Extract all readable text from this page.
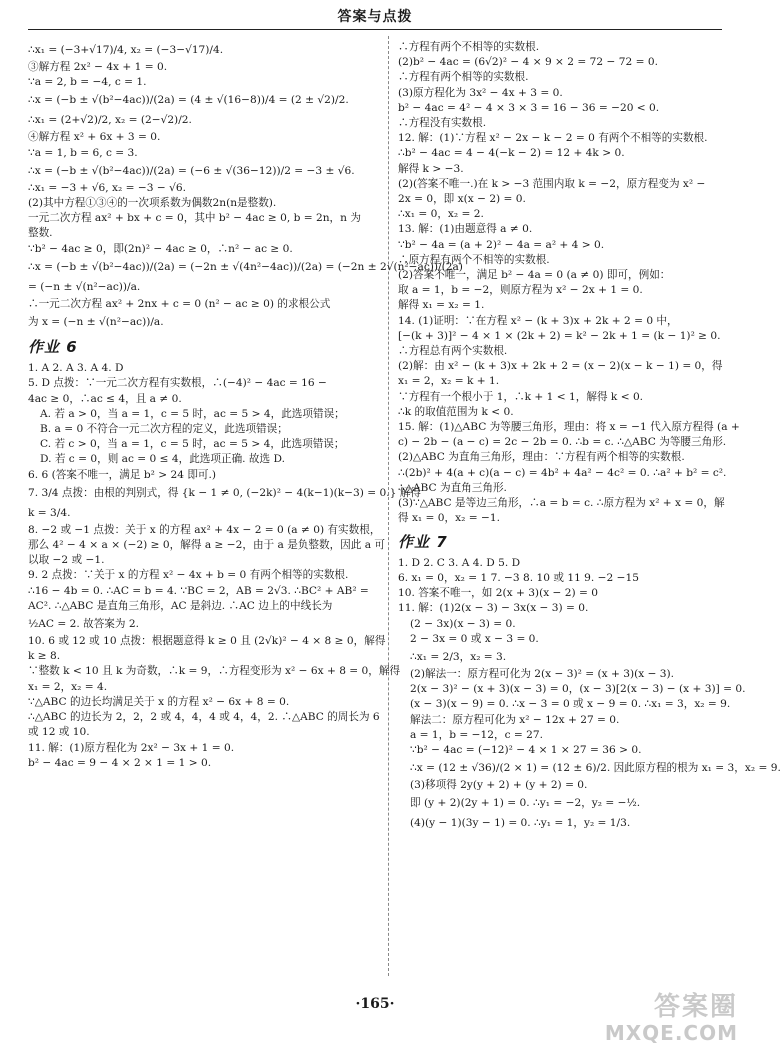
答案与点拨
∴x₁ = (−3+√17)/4, x₂ = (−3−√17)/4.
③解方程 2x² − 4x + 1 = 0.
∵a = 2, b = −4, c = 1.
∴x = (−b ± √(b²−4ac))/(2a) = (4 ± √(16−8))/4 = (2 ± √2)/2.
∴x₁ = (2+√2)/2, x₂ = (2−√2)/2.
④解方程 x² + 6x + 3 = 0.
∵a = 1, b = 6, c = 3.
∴x = (−b ± √(b²−4ac))/(2a) = (−6 ± √(36−12))/2 = −3 ± √6.
∴x₁ = −3 + √6, x₂ = −3 − √6.
(2)其中方程①③④的一次项系数为偶数2n(n是整数).
一元二次方程 ax² + bx + c = 0，其中 b² − 4ac ≥ 0, b = 2n，n 为
整数.
∵b² − 4ac ≥ 0，即(2n)² − 4ac ≥ 0，∴n² − ac ≥ 0.
∴x = (−b ± √(b²−4ac))/(2a) = (−2n ± √(4n²−4ac))/(2a) = (−2n ± 2√(n²−ac))/(2a)
= (−n ± √(n²−ac))/a.
∴一元二次方程 ax² + 2nx + c = 0 (n² − ac ≥ 0) 的求根公式
为 x = (−n ± √(n²−ac))/a.
作业 6
1. A 2. A 3. A 4. D
5. D 点拨：∵一元二次方程有实数根，∴(−4)² − 4ac = 16 −
4ac ≥ 0，∴ac ≤ 4，且 a ≠ 0.
A. 若 a > 0，当 a = 1，c = 5 时，ac = 5 > 4，此选项错误；
B. a = 0 不符合一元二次方程的定义，此选项错误；
C. 若 c > 0，当 a = 1，c = 5 时，ac = 5 > 4，此选项错误；
D. 若 c = 0，则 ac = 0 ≤ 4，此选项正确. 故选 D.
6. 6 (答案不唯一，满足 b² > 24 即可.)
7. 3/4 点拨：由根的判别式，得 {k − 1 ≠ 0, (−2k)² − 4(k−1)(k−3) = 0.} 解得
k = 3/4.
8. −2 或 −1 点拨：关于 x 的方程 ax² + 4x − 2 = 0 (a ≠ 0) 有实数根，
那么 4² − 4 × a × (−2) ≥ 0，解得 a ≥ −2，由于 a 是负整数，因此 a 可
以取 −2 或 −1.
9. 2 点拨：∵关于 x 的方程 x² − 4x + b = 0 有两个相等的实数根.
∴16 − 4b = 0. ∴AC = b = 4. ∵BC = 2，AB = 2√3. ∴BC² + AB² =
AC². ∴△ABC 是直角三角形，AC 是斜边. ∴AC 边上的中线长为
½AC = 2. 故答案为 2.
10. 6 或 12 或 10 点拨：根据题意得 k ≥ 0 且 (2√k)² − 4 × 8 ≥ 0，解得
k ≥ 8.
∵整数 k < 10 且 k 为奇数，∴k = 9，∴方程变形为 x² − 6x + 8 = 0，解得
x₁ = 2，x₂ = 4.
∵△ABC 的边长均满足关于 x 的方程 x² − 6x + 8 = 0.
∴△ABC 的边长为 2，2，2 或 4，4，4 或 4，4，2. ∴△ABC 的周长为 6
或 12 或 10.
11. 解：(1)原方程化为 2x² − 3x + 1 = 0.
b² − 4ac = 9 − 4 × 2 × 1 = 1 > 0.
∴方程有两个不相等的实数根.
(2)b² − 4ac = (6√2)² − 4 × 9 × 2 = 72 − 72 = 0.
∴方程有两个相等的实数根.
(3)原方程化为 3x² − 4x + 3 = 0.
b² − 4ac = 4² − 4 × 3 × 3 = 16 − 36 = −20 < 0.
∴方程没有实数根.
12. 解：(1)∵方程 x² − 2x − k − 2 = 0 有两个不相等的实数根.
∴b² − 4ac = 4 − 4(−k − 2) = 12 + 4k > 0.
解得 k > −3.
(2)(答案不唯一.)在 k > −3 范围内取 k = −2，原方程变为 x² −
2x = 0，即 x(x − 2) = 0.
∴x₁ = 0，x₂ = 2.
13. 解：(1)由题意得 a ≠ 0.
∵b² − 4a = (a + 2)² − 4a = a² + 4 > 0.
∴原方程有两个不相等的实数根.
(2)答案不唯一，满足 b² − 4a = 0 (a ≠ 0) 即可，例如：
取 a = 1，b = −2，则原方程为 x² − 2x + 1 = 0.
解得 x₁ = x₂ = 1.
14. (1)证明：∵在方程 x² − (k + 3)x + 2k + 2 = 0 中，
[−(k + 3)]² − 4 × 1 × (2k + 2) = k² − 2k + 1 = (k − 1)² ≥ 0.
∴方程总有两个实数根.
(2)解：由 x² − (k + 3)x + 2k + 2 = (x − 2)(x − k − 1) = 0，得
x₁ = 2，x₂ = k + 1.
∵方程有一个根小于 1，∴k + 1 < 1，解得 k < 0.
∴k 的取值范围为 k < 0.
15. 解：(1)△ABC 为等腰三角形，理由：将 x = −1 代入原方程得 (a +
c) − 2b − (a − c) = 2c − 2b = 0. ∴b = c. ∴△ABC 为等腰三角形.
(2)△ABC 为直角三角形，理由：∵方程有两个相等的实数根.
∴(2b)² + 4(a + c)(a − c) = 4b² + 4a² − 4c² = 0. ∴a² + b² = c².
∴△ABC 为直角三角形.
(3)∵△ABC 是等边三角形，∴a = b = c. ∴原方程为 x² + x = 0，解
得 x₁ = 0，x₂ = −1.
作业 7
1. D 2. C 3. A 4. D 5. D
6. x₁ = 0，x₂ = 1 7. −3 8. 10 或 11 9. −2 −15
10. 答案不唯一，如 2(x + 3)(x − 2) = 0
11. 解：(1)2(x − 3) − 3x(x − 3) = 0.
(2 − 3x)(x − 3) = 0.
2 − 3x = 0 或 x − 3 = 0.
∴x₁ = 2/3，x₂ = 3.
(2)解法一：原方程可化为 2(x − 3)² = (x + 3)(x − 3).
2(x − 3)² − (x + 3)(x − 3) = 0，(x − 3)[2(x − 3) − (x + 3)] = 0.
(x − 3)(x − 9) = 0. ∴x − 3 = 0 或 x − 9 = 0. ∴x₁ = 3，x₂ = 9.
解法二：原方程可化为 x² − 12x + 27 = 0.
a = 1，b = −12，c = 27.
∵b² − 4ac = (−12)² − 4 × 1 × 27 = 36 > 0.
∴x = (12 ± √36)/(2 × 1) = (12 ± 6)/2. 因此原方程的根为 x₁ = 3，x₂ = 9.
(3)移项得 2y(y + 2) + (y + 2) = 0.
即 (y + 2)(2y + 1) = 0. ∴y₁ = −2，y₂ = −½.
(4)(y − 1)(3y − 1) = 0. ∴y₁ = 1，y₂ = 1/3.
·165·	答案圈
MXQE.COM
